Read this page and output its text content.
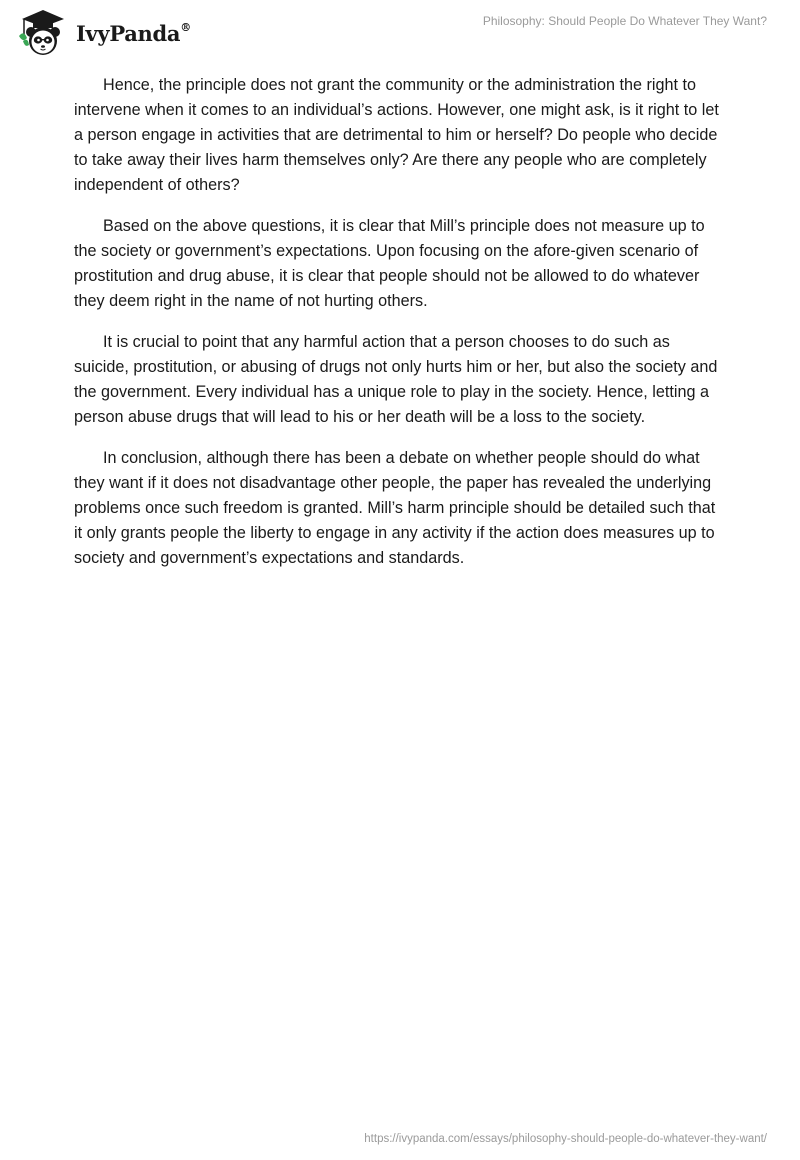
IvyPanda®	Philosophy: Should People Do Whatever They Want?

Hence, the principle does not grant the community or the administration the right to intervene when it comes to an individual’s actions. However, one might ask, is it right to let a person engage in activities that are detrimental to him or herself? Do people who decide to take away their lives harm themselves only? Are there any people who are completely independent of others?

Based on the above questions, it is clear that Mill’s principle does not measure up to the society or government’s expectations. Upon focusing on the afore-given scenario of prostitution and drug abuse, it is clear that people should not be allowed to do whatever they deem right in the name of not hurting others.

It is crucial to point that any harmful action that a person chooses to do such as suicide, prostitution, or abusing of drugs not only hurts him or her, but also the society and the government. Every individual has a unique role to play in the society. Hence, letting a person abuse drugs that will lead to his or her death will be a loss to the society.

In conclusion, although there has been a debate on whether people should do what they want if it does not disadvantage other people, the paper has revealed the underlying problems once such freedom is granted. Mill’s harm principle should be detailed such that it only grants people the liberty to engage in any activity if the action does measures up to society and government’s expectations and standards.

https://ivypanda.com/essays/philosophy-should-people-do-whatever-they-want/
